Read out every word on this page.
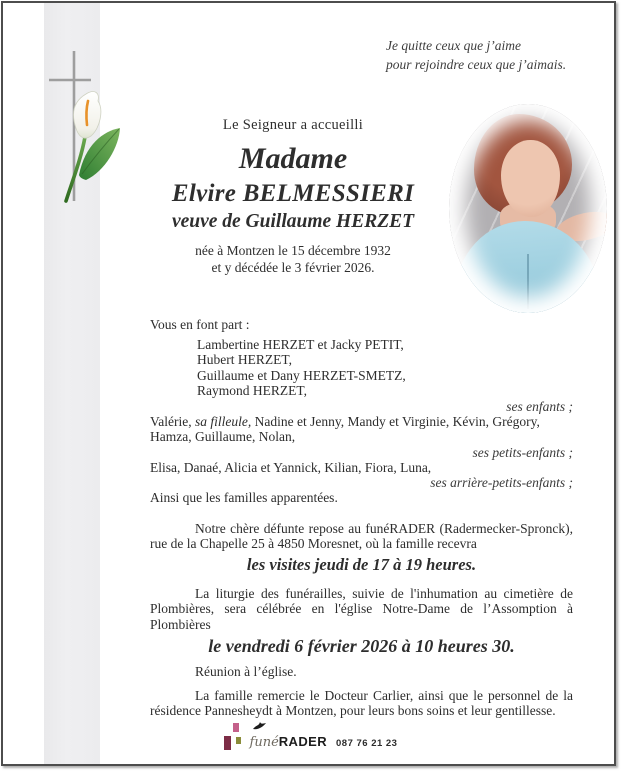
Je quitte ceux que j’aime
pour rejoindre ceux que j’aimais.
Le Seigneur a accueilli
Madame
Elvire BELMESSIERI
veuve de Guillaume HERZET
née à Montzen le 15 décembre 1932
et y décédée le 3 février 2026.
Vous en font part :
Lambertine HERZET et Jacky PETIT,
Hubert HERZET,
Guillaume et Dany HERZET-SMETZ,
Raymond HERZET,
ses enfants ;
Valérie, sa filleule, Nadine et Jenny, Mandy et Virginie, Kévin, Grégory, Hamza, Guillaume, Nolan,
ses petits-enfants ;
Elisa, Danaé, Alicia et Yannick, Kilian, Fiora, Luna,
ses arrière-petits-enfants ;
Ainsi que les familles apparentées.

Notre chère défunte repose au funéRADER (Radermecker-Spronck), rue de la Chapelle 25 à 4850 Moresnet, où la famille recevra

les visites jeudi de 17 à 19 heures.

La liturgie des funérailles, suivie de l'inhumation au cimetière de Plombières, sera célébrée en l'église Notre-Dame de l’Assomption à Plombières

le vendredi 6 février 2026 à 10 heures 30.

Réunion à l’église.

La famille remercie le Docteur Carlier, ainsi que le personnel de la résidence Pannesheydt à Montzen, pour leurs bons soins et leur gentillesse.

funé RADER 087 76 21 23
